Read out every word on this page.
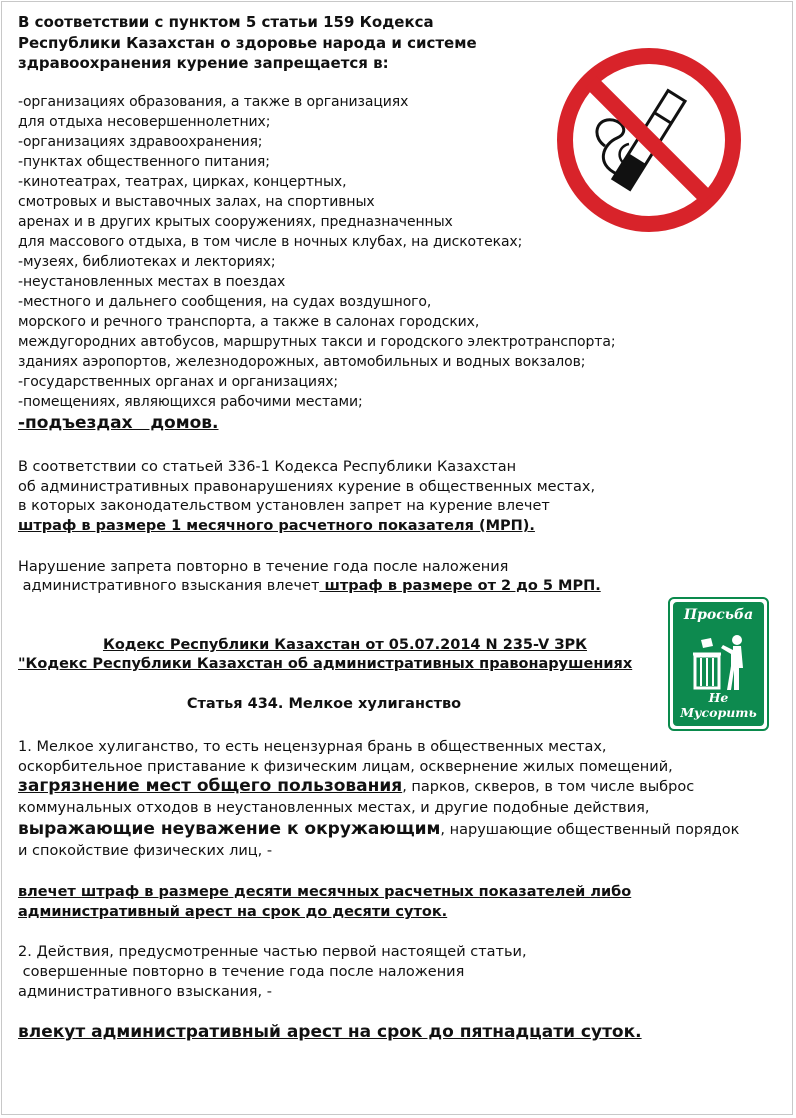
В соответствии с пунктом 5 статьи 159 Кодекса
Республики Казахстан о здоровье народа и системе
здравоохранения курение запрещается в:
-организациях образования, а также в организациях
для отдыха несовершеннолетних;
-организациях здравоохранения;
-пунктах общественного питания;
-кинотеатрах, театрах, цирках, концертных,
смотровых и выставочных залах, на спортивных
аренах и в других крытых сооружениях, предназначенных
для массового отдыха, в том числе в ночных клубах, на дискотеках;
-музеях, библиотеках и лекториях;
-неустановленных местах в поездах
-местного и дальнего сообщения, на судах воздушного,
морского и речного транспорта, а также в салонах городских,
междугородних автобусов, маршрутных такси и городского электротранспорта;
зданиях аэропортов, железнодорожных, автомобильных и водных вокзалов;
-государственных органах и организациях;
-помещениях, являющихся рабочими местами;
-подъездах   домов.
В соответствии со статьей 336-1 Кодекса Республики Казахстан
об административных правонарушениях курение в общественных местах,
в которых законодательством установлен запрет на курение влечет
штраф в размере 1 месячного расчетного показателя (МРП).
Нарушение запрета повторно в течение года после наложения
административного взыскания влечет штраф в размере от 2 до 5 МРП.
Просьба
Не Мусорить
Кодекс Республики Казахстан от 05.07.2014 N 235-V ЗРК
"Кодекс Республики Казахстан об административных правонарушениях
Статья 434. Мелкое хулиганство
1. Мелкое хулиганство, то есть нецензурная брань в общественных местах,
оскорбительное приставание к физическим лицам, осквернение жилых помещений,
загрязнение мест общего пользования, парков, скверов, в том числе выброс
коммунальных отходов в неустановленных местах, и другие подобные действия,
выражающие неуважение к окружающим, нарушающие общественный порядок
и спокойствие физических лиц, -
влечет штраф в размере десяти месячных расчетных показателей либо
административный арест на срок до десяти суток.
2. Действия, предусмотренные частью первой настоящей статьи,
совершенные повторно в течение года после наложения
административного взыскания, -
влекут административный арест на срок до пятнадцати суток.
